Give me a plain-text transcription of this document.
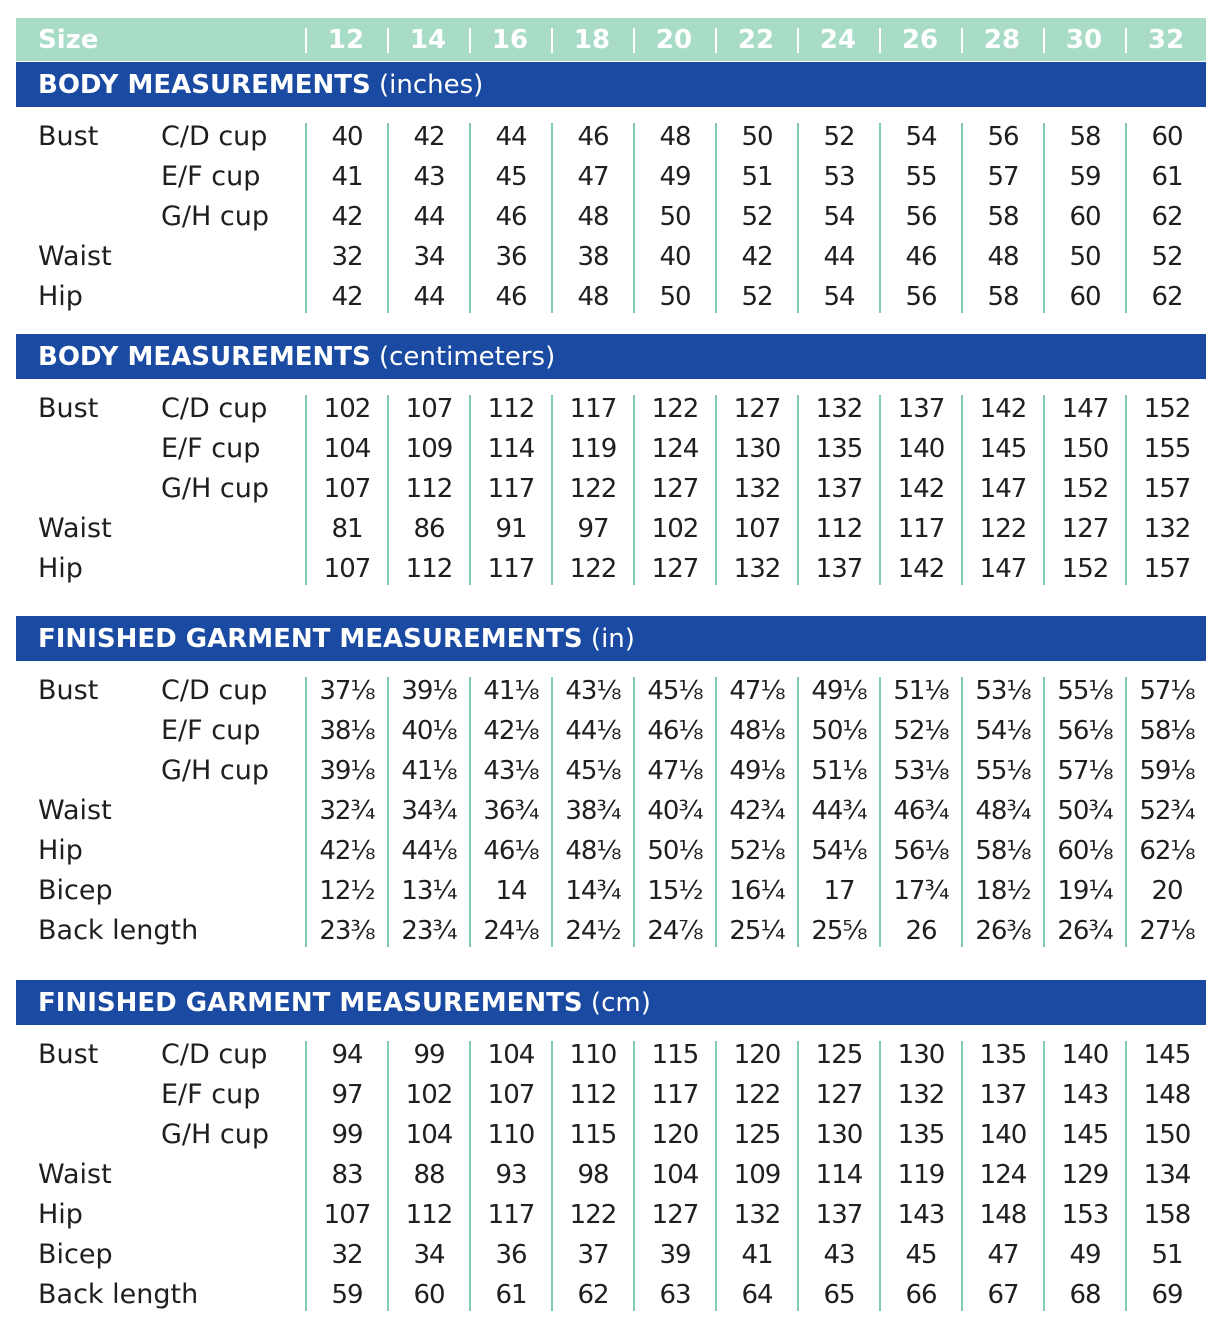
Size	12	14	16	18	20	22	24	26	28	30	32
BODY MEASUREMENTS (inches)
Bust C/D cup	40	42	44	46	48	50	52	54	56	58	60
E/F cup	41	43	45	47	49	51	53	55	57	59	61
G/H cup	42	44	46	48	50	52	54	56	58	60	62
Waist	32	34	36	38	40	42	44	46	48	50	52
Hip	42	44	46	48	50	52	54	56	58	60	62
BODY MEASUREMENTS (centimeters)
Bust C/D cup	102	107	112	117	122	127	132	137	142	147	152
E/F cup	104	109	114	119	124	130	135	140	145	150	155
G/H cup	107	112	117	122	127	132	137	142	147	152	157
Waist	81	86	91	97	102	107	112	117	122	127	132
Hip	107	112	117	122	127	132	137	142	147	152	157
FINISHED GARMENT MEASUREMENTS (in)
Bust C/D cup	37⅛	39⅛	41⅛	43⅛	45⅛	47⅛	49⅛	51⅛	53⅛	55⅛	57⅛
E/F cup	38⅛	40⅛	42⅛	44⅛	46⅛	48⅛	50⅛	52⅛	54⅛	56⅛	58⅛
G/H cup	39⅛	41⅛	43⅛	45⅛	47⅛	49⅛	51⅛	53⅛	55⅛	57⅛	59⅛
Waist	32¾	34¾	36¾	38¾	40¾	42¾	44¾	46¾	48¾	50¾	52¾
Hip	42⅛	44⅛	46⅛	48⅛	50⅛	52⅛	54⅛	56⅛	58⅛	60⅛	62⅛
Bicep	12½	13¼	14	14¾	15½	16¼	17	17¾	18½	19¼	20
Back length	23⅜	23¾	24⅛	24½	24⅞	25¼	25⅝	26	26⅜	26¾	27⅛
FINISHED GARMENT MEASUREMENTS (cm)
Bust C/D cup	94	99	104	110	115	120	125	130	135	140	145
E/F cup	97	102	107	112	117	122	127	132	137	143	148
G/H cup	99	104	110	115	120	125	130	135	140	145	150
Waist	83	88	93	98	104	109	114	119	124	129	134
Hip	107	112	117	122	127	132	137	143	148	153	158
Bicep	32	34	36	37	39	41	43	45	47	49	51
Back length	59	60	61	62	63	64	65	66	67	68	69
